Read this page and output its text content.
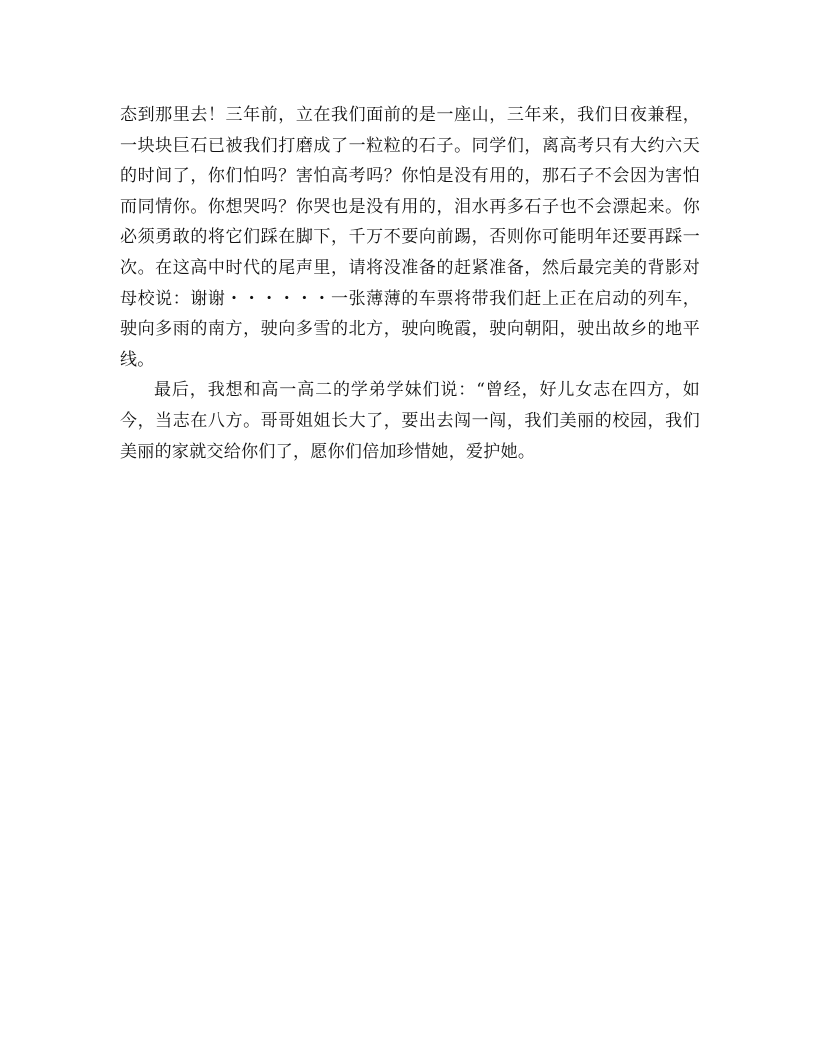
态到那里去！三年前，立在我们面前的是一座山，三年来，我们日夜兼程，一块块巨石已被我们打磨成了一粒粒的石子。同学们，离高考只有大约六天的时间了，你们怕吗？害怕高考吗？你怕是没有用的，那石子不会因为害怕而同情你。你想哭吗？你哭也是没有用的，泪水再多石子也不会漂起来。你必须勇敢的将它们踩在脚下，千万不要向前踢，否则你可能明年还要再踩一次。在这高中时代的尾声里，请将没准备的赶紧准备，然后最完美的背影对母校说：谢谢・・・・・・一张薄薄的车票将带我们赶上正在启动的列车，驶向多雨的南方，驶向多雪的北方，驶向晚霞，驶向朝阳，驶出故乡的地平线。

最后，我想和高一高二的学弟学妹们说：“曾经，好儿女志在四方，如今，当志在八方。哥哥姐姐长大了，要出去闯一闯，我们美丽的校园，我们美丽的家就交给你们了，愿你们倍加珍惜她，爱护她。
